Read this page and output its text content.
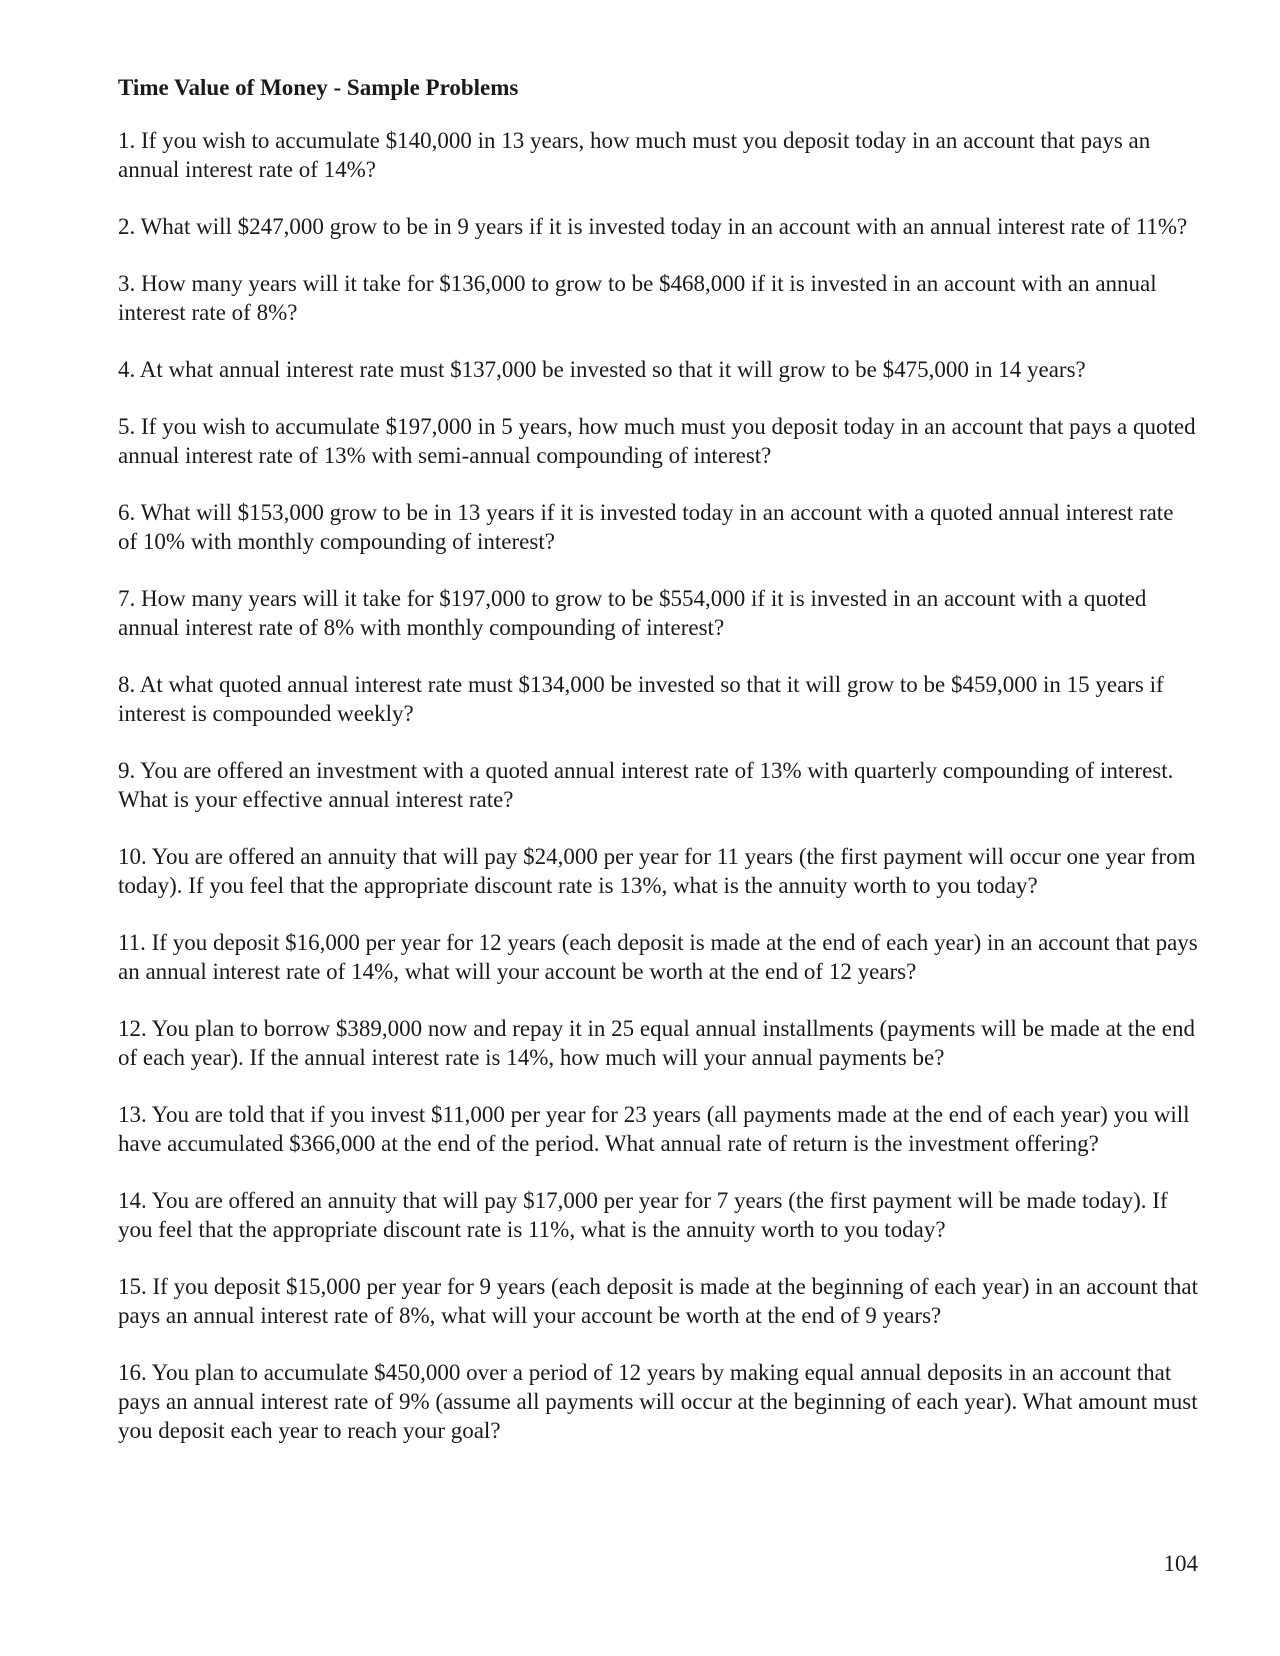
Time Value of Money - Sample Problems

1. If you wish to accumulate $140,000 in 13 years, how much must you deposit today in an account that pays an annual interest rate of 14%?

2. What will $247,000 grow to be in 9 years if it is invested today in an account with an annual interest rate of 11%?

3. How many years will it take for $136,000 to grow to be $468,000 if it is invested in an account with an annual interest rate of 8%?

4. At what annual interest rate must $137,000 be invested so that it will grow to be $475,000 in 14 years?

5. If you wish to accumulate $197,000 in 5 years, how much must you deposit today in an account that pays a quoted annual interest rate of 13% with semi-annual compounding of interest?

6. What will $153,000 grow to be in 13 years if it is invested today in an account with a quoted annual interest rate of 10% with monthly compounding of interest?

7. How many years will it take for $197,000 to grow to be $554,000 if it is invested in an account with a quoted annual interest rate of 8% with monthly compounding of interest?

8. At what quoted annual interest rate must $134,000 be invested so that it will grow to be $459,000 in 15 years if interest is compounded weekly?

9. You are offered an investment with a quoted annual interest rate of 13% with quarterly compounding of interest. What is your effective annual interest rate?

10. You are offered an annuity that will pay $24,000 per year for 11 years (the first payment will occur one year from today). If you feel that the appropriate discount rate is 13%, what is the annuity worth to you today?

11. If you deposit $16,000 per year for 12 years (each deposit is made at the end of each year) in an account that pays an annual interest rate of 14%, what will your account be worth at the end of 12 years?

12. You plan to borrow $389,000 now and repay it in 25 equal annual installments (payments will be made at the end of each year). If the annual interest rate is 14%, how much will your annual payments be?

13. You are told that if you invest $11,000 per year for 23 years (all payments made at the end of each year) you will have accumulated $366,000 at the end of the period. What annual rate of return is the investment offering?

14. You are offered an annuity that will pay $17,000 per year for 7 years (the first payment will be made today). If you feel that the appropriate discount rate is 11%, what is the annuity worth to you today?

15. If you deposit $15,000 per year for 9 years (each deposit is made at the beginning of each year) in an account that pays an annual interest rate of 8%, what will your account be worth at the end of 9 years?

16. You plan to accumulate $450,000 over a period of 12 years by making equal annual deposits in an account that pays an annual interest rate of 9% (assume all payments will occur at the beginning of each year). What amount must you deposit each year to reach your goal?

104
